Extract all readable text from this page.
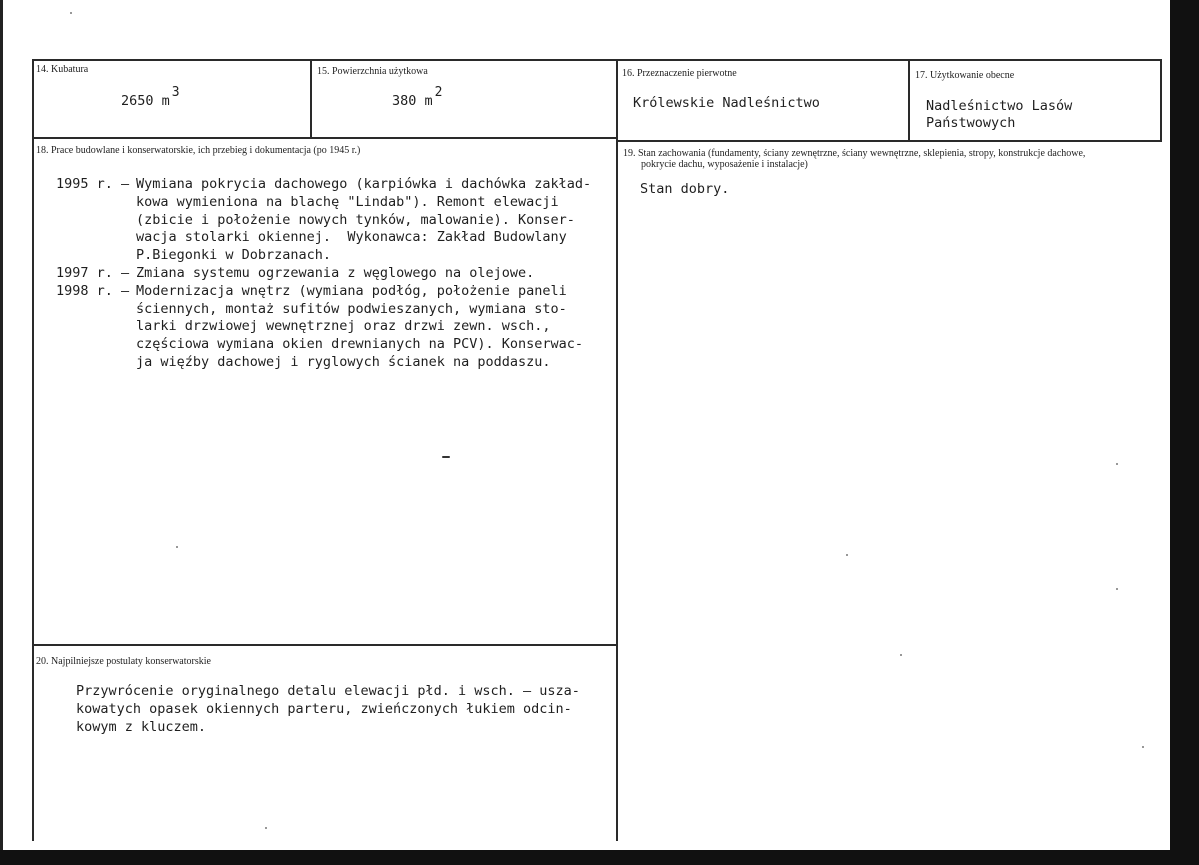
14. Kubatura
2650 m3
15. Powierzchnia użytkowa
380 m2
16. Przeznaczenie pierwotne
Królewskie Nadleśnictwo
17. Użytkowanie obecne
Nadleśnictwo Lasów
Państwowych
18. Prace budowlane i konserwatorskie, ich przebieg i dokumentacja (po 1945 r.)
1995 r. – Wymiana pokrycia dachowego (karpiówka i dachówka zakład-
kowa wymieniona na blachę "Lindab"). Remont elewacji
(zbicie i położenie nowych tynków, malowanie). Konser-
wacja stolarki okiennej.  Wykonawca: Zakład Budowlany
P.Biegonki w Dobrzanach.
1997 r. – Zmiana systemu ogrzewania z węglowego na olejowe.
1998 r. – Modernizacja wnętrz (wymiana podłóg, położenie paneli
ściennych, montaż sufitów podwieszanych, wymiana sto-
larki drzwiowej wewnętrznej oraz drzwi zewn. wsch.,
częściowa wymiana okien drewnianych na PCV). Konserwac-
ja więźby dachowej i ryglowych ścianek na poddaszu.
19. Stan zachowania (fundamenty, ściany zewnętrzne, ściany wewnętrzne, sklepienia, stropy, konstrukcje dachowe,
pokrycie dachu, wyposażenie i instalacje)
Stan dobry.
20. Najpilniejsze postulaty konserwatorskie
Przywrócenie oryginalnego detalu elewacji płd. i wsch. – usza-
kowatych opasek okiennych parteru, zwieńczonych łukiem odcin-
kowym z kluczem.
